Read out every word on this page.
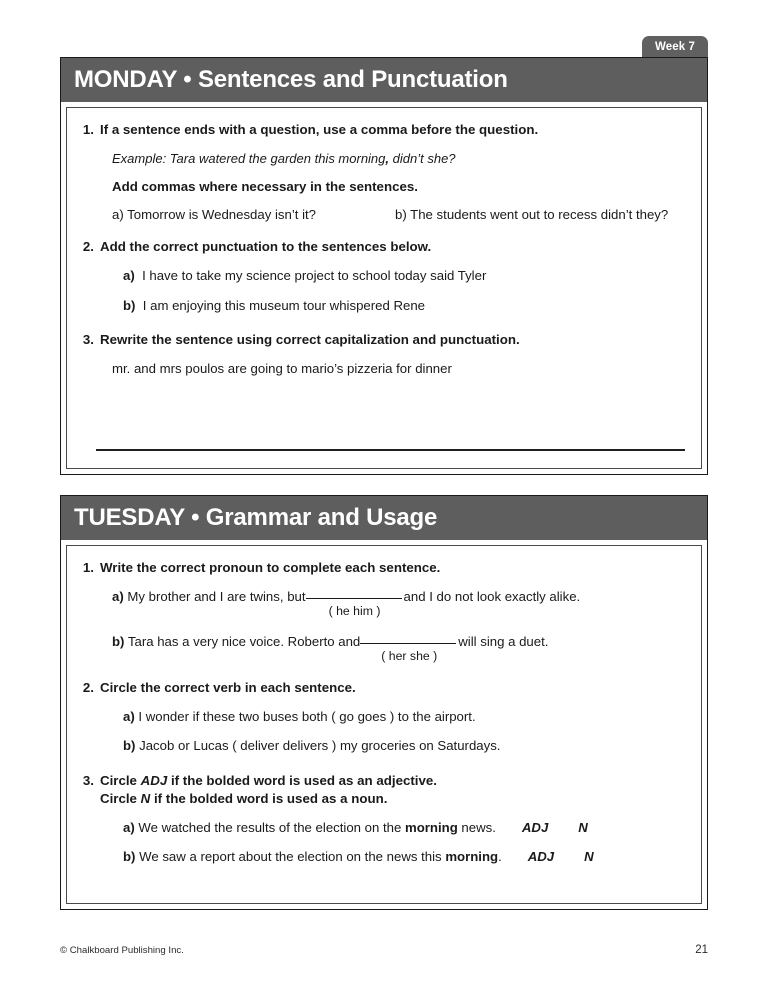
Week 7
MONDAY • Sentences and Punctuation
1. If a sentence ends with a question, use a comma before the question.
Example: Tara watered the garden this morning, didn’t she?
Add commas where necessary in the sentences.
a) Tomorrow is Wednesday isn’t it?	b) The students went out to recess didn’t they?
2. Add the correct punctuation to the sentences below.
a) I have to take my science project to school today said Tyler
b) I am enjoying this museum tour whispered Rene
3. Rewrite the sentence using correct capitalization and punctuation.
mr. and mrs poulos are going to mario’s pizzeria for dinner
TUESDAY • Grammar and Usage
1. Write the correct pronoun to complete each sentence.
a) My brother and I are twins, but
( he him )
and I do not look exactly alike.
b) Tara has a very nice voice. Roberto and
( her she )
will sing a duet.
2. Circle the correct verb in each sentence.
a) I wonder if these two buses both ( go goes ) to the airport.
b) Jacob or Lucas ( deliver delivers ) my groceries on Saturdays.
3. Circle ADJ if the bolded word is used as an adjective.
Circle N if the bolded word is used as a noun.
a) We watched the results of the election on the morning news. ADJ N
b) We saw a report about the election on the news this morning. ADJ N
© Chalkboard Publishing Inc.	21
